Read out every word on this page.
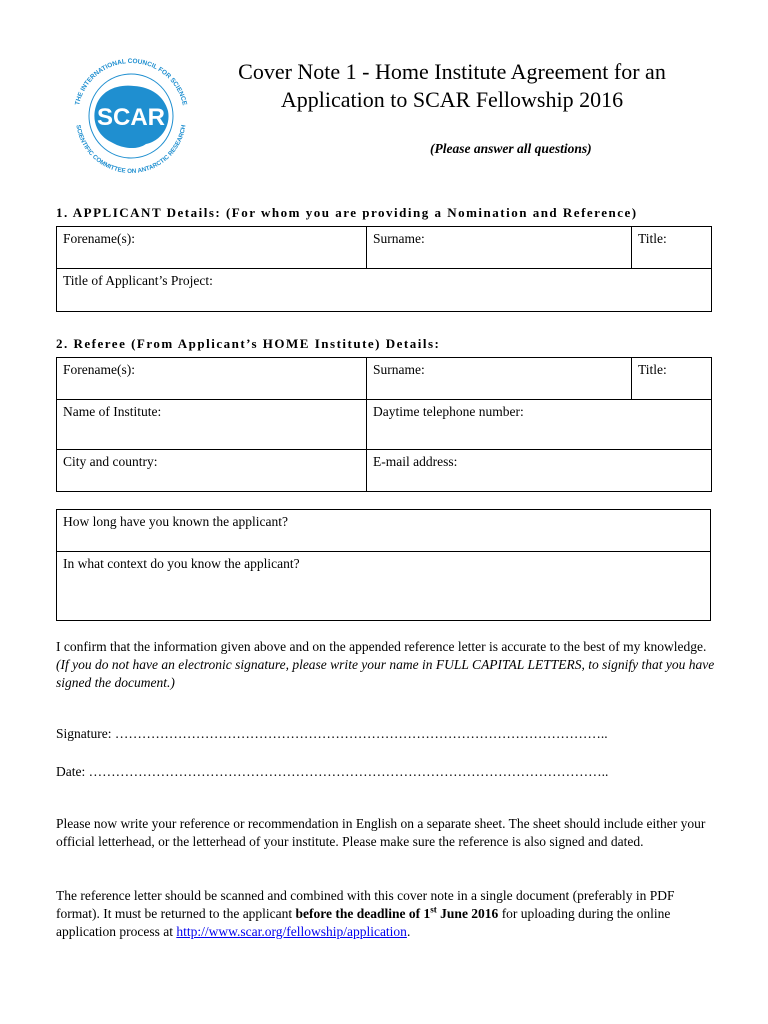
SCAR
THE INTERNATIONAL COUNCIL FOR SCIENCE
SCIENTIFIC COMMITTEE ON ANTARCTIC RESEARCH
Cover Note 1 - Home Institute Agreement for an Application to SCAR Fellowship 2016
(Please answer all questions)
1. APPLICANT Details: (For whom you are providing a Nomination and Reference)
Forename(s):	Surname:	Title:
Title of Applicant’s Project:
2. Referee (From Applicant’s HOME Institute) Details:
Forename(s):	Surname:	Title:
Name of Institute:	Daytime telephone number:	
City and country:	E-mail address:	
How long have you known the applicant?
In what context do you know the applicant?
I confirm that the information given above and on the appended reference letter is accurate to the best of my knowledge.  (If you do not have an electronic signature, please write your name in FULL CAPITAL LETTERS, to signify that you have signed the document.)
Signature: ………………………………………………………………………………………………..
Date: ……………………………………………………………………………………………………..
Please now write your reference or recommendation in English on a separate sheet. The sheet should include either your official letterhead, or the letterhead of your institute. Please make sure the reference is also signed and dated.
The reference letter should be scanned and combined with this cover note in a single document (preferably in PDF format). It must be returned to the applicant before the deadline of 1st June 2016 for uploading during the online application process at http://www.scar.org/fellowship/application.
